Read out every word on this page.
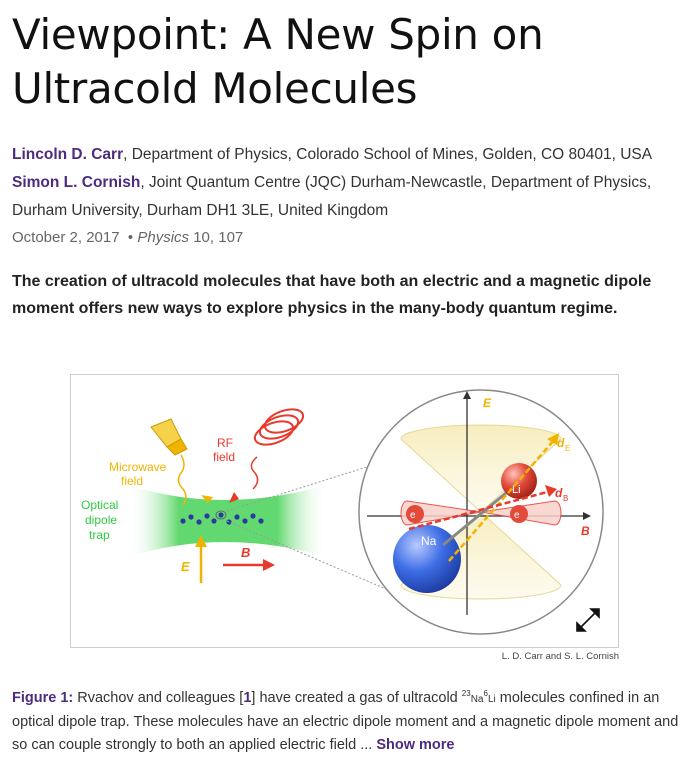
Viewpoint: A New Spin on
Ultracold Molecules
Lincoln D. Carr, Department of Physics, Colorado School of Mines, Golden, CO 80401, USA
Simon L. Cornish, Joint Quantum Centre (JQC) Durham-Newcastle, Department of Physics, Durham University, Durham DH1 3LE, United Kingdom
October 2, 2017 • Physics 10, 107
The creation of ultracold molecules that have both an electric and a magnetic dipole moment offers new ways to explore physics in the many-body quantum regime.
Microwave
field
RF
field
Optical
dipole
trap
E
B
E
B
e	e
Na
Li
d E
d B
L. D. Carr and S. L. Cornish
Figure 1: Rvachov and colleagues [1] have created a gas of ultracold $^{23}$Na$^6$Li molecules confined in an optical dipole trap. These molecules have an electric dipole moment and a magnetic dipole moment and so can couple strongly to both an applied electric field ... Show more
